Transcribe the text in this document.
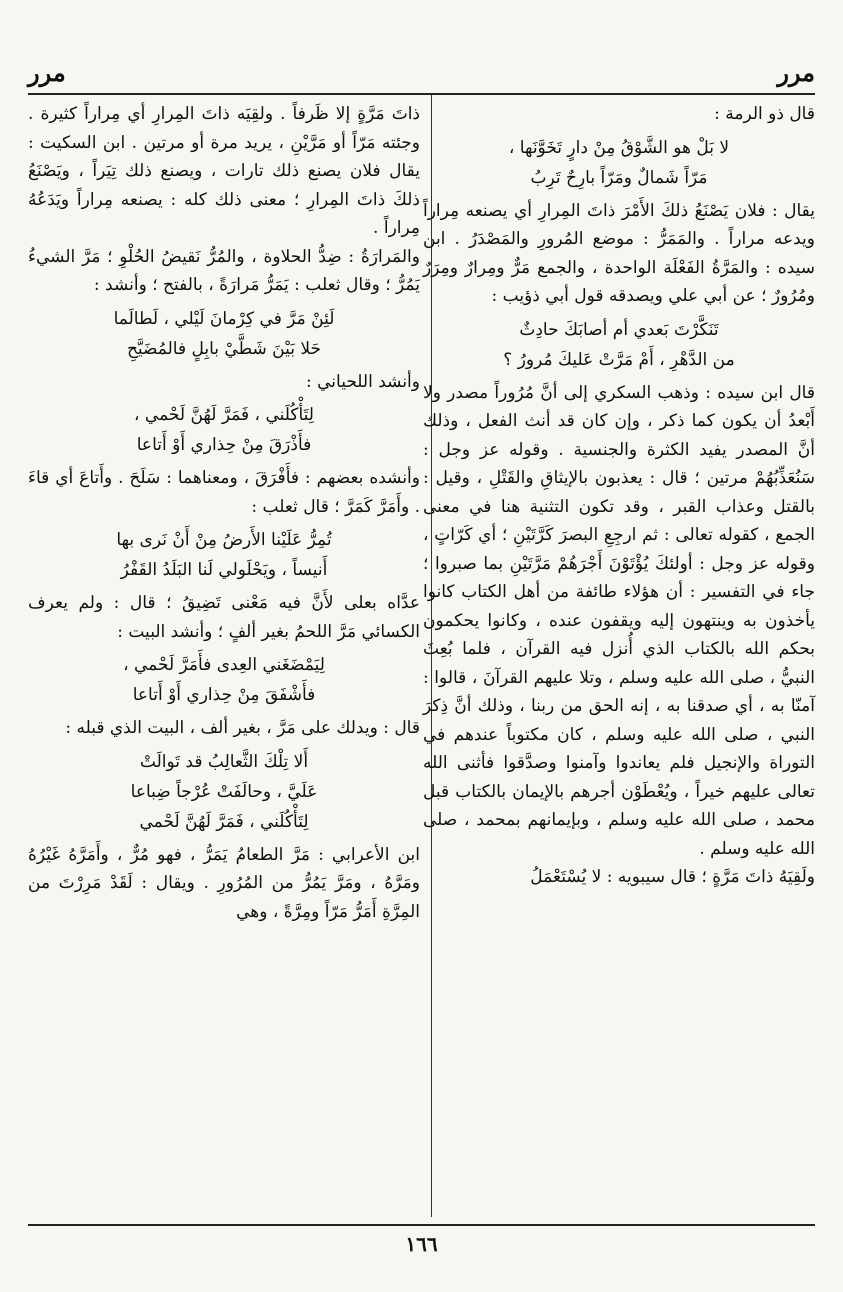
مرر
مرر

قال ذو الرمة :

لا بَلْ هو الشَّوْقُ مِنْ دارٍ تَخَوَّنَها ،
مَرّاً شَمالٌ ومَرّاً بارِحٌ تَرِبُ

يقال : فلان يَصْنَعُ ذلكَ الأَمْرَ ذاتَ المِرارِ أي يصنعه مِراراً ويدعه مراراً . والمَمَرُّ : موضع المُرورِ والمَصْدَرُ . ابن سيده : والمَرَّةُ الفَعْلَة الواحدة ، والجمع مَرٌّ ومِرارٌ ومِرَرٌ ومُرُورٌ ؛ عن أبي علي ويصدقه قول أبي ذؤيب :

تَنَكَّرْتَ بَعدي أم أصابَكَ حادِثٌ
من الدَّهْرِ ، أَمْ مَرَّتْ عَليكَ مُرورُ ؟

قال ابن سيده : وذهب السكري إلى أنَّ مُرُوراً مصدر ولا أَبْعدُ أن يكون كما ذكر ، وإن كان قد أنث الفعل ، وذلك أنَّ المصدر يفيد الكثرة والجنسية . وقوله عز وجل : سَنُعَذِّبُهُمْ مرتين ؛ قال : يعذبون بالإيثاقِ والقَتْلِ ، وقيل : بالقتل وعذاب القبر ، وقد تكون التثنية هنا في معنى الجمع ، كقوله تعالى : ثم ارجِعِ البصرَ كَرَّتَيْنِ ؛ أي كَرّاتٍ ، وقوله عز وجل : أولئكَ يُؤْتَوْنَ أَجْرَهُمْ مَرَّتَيْنِ بما صبروا ؛ جاء في التفسير : أن هؤلاء طائفة من أهل الكتاب كانوا يأخذون به وينتهون إليه ويقفون عنده ، وكانوا يحكمون بحكم الله بالكتاب الذي أُنزل فيه القرآن ، فلما بُعِثَ النبيُّ ، صلى الله عليه وسلم ، وتلا عليهم القرآنَ ، قالوا : آمنّا به ، أي صدقنا به ، إنه الحق من ربنا ، وذلك أنَّ ذِكرَ النبي ، صلى الله عليه وسلم ، كان مكتوباً عندهم في التوراة والإنجيل فلم يعاندوا وآمنوا وصدَّقوا فأثنى الله تعالى عليهم خيراً ، ويُعْطَوْن أجرهم بالإيمان بالكتاب قبل محمد ، صلى الله عليه وسلم ، وبإيمانهم بمحمد ، صلى الله عليه وسلم .

ولَقِيَهُ ذاتَ مَرَّةٍ ؛ قال سيبويه : لا يُسْتَعْمَلُ

ذاتَ مَرَّةٍ إلا ظَرفاً . ولقِيَه ذاتَ المِرارِ أي مِراراً كثيرة . وجئته مَرّاً أو مَرَّيْنِ ، يريد مرة أو مرتين . ابن السكيت : يقال فلان يصنع ذلك تارات ، ويصنع ذلك تِيَراً ، ويَصْنَعُ ذلكَ ذاتَ المِرارِ ؛ معنى ذلك كله : يصنعه مِراراً ويَدَعُهُ مِراراً .

والمَرارَةُ : ضِدُّ الحلاوة ، والمُرُّ نَقيضُ الحُلْوِ ؛ مَرَّ الشيءُ يَمُرُّ ؛ وقال ثعلب : يَمَرُّ مَرارَةً ، بالفتح ؛ وأنشد :

لَئِنْ مَرَّ في كِرْمانَ لَيْلي ، لَطالَما
حَلا بَيْنَ شَطَّيْ بابِلٍ فالمُضَيَّحِ

وأنشد اللحياني :

لِتَأْكُلَني ، فَمَرَّ لَهُنَّ لَحْمي ،
فأَذْرَقَ مِنْ حِذاري أَوْ أَتاعا

وأنشده بعضهم : فأَفْرَقَ ، ومعناهما : سَلَحَ . وأَتاعَ أي قاءَ . وأَمَرَّ كَمَرَّ ؛ قال ثعلب :

تُمِرُّ عَلَيْنا الأَرضُ مِنْ أَنْ نَرى بها
أَنيساً ، ويَحْلَولي لَنا البَلَدُ القَفْرُ

عدَّاه بعلى لأَنَّ فيه مَعْنى تَضِيقُ ؛ قال : ولم يعرف الكسائي مَرَّ اللحمُ بغير ألفٍ ؛ وأنشد البيت :

لِيَمْضَغَني العِدى فأَمَرَّ لَحْمي ،
فأَشْفَقَ مِنْ حِذاري أَوْ أَتاعا

قال : ويدلك على مَرَّ ، بغير ألف ، البيت الذي قبله :

أَلا تِلْكَ الثَّعالِبُ قد تَوالَتْ
عَلَيَّ ، وحالَفَتْ عُرْجاً ضِباعا
لِتَأْكُلَني ، فَمَرَّ لَهُنَّ لَحْمي

ابن الأعرابي : مَرَّ الطعامُ يَمَرُّ ، فهو مُرٌّ ، وأَمَرَّهُ غَيْرُهُ ومَرَّهُ ، ومَرَّ يَمُرُّ من المُرُورِ . ويقال : لَقَدْ مَرِرْتَ من المِرَّةِ أَمَرُّ مَرّاً ومِرَّةً ، وهي

١٦٦
